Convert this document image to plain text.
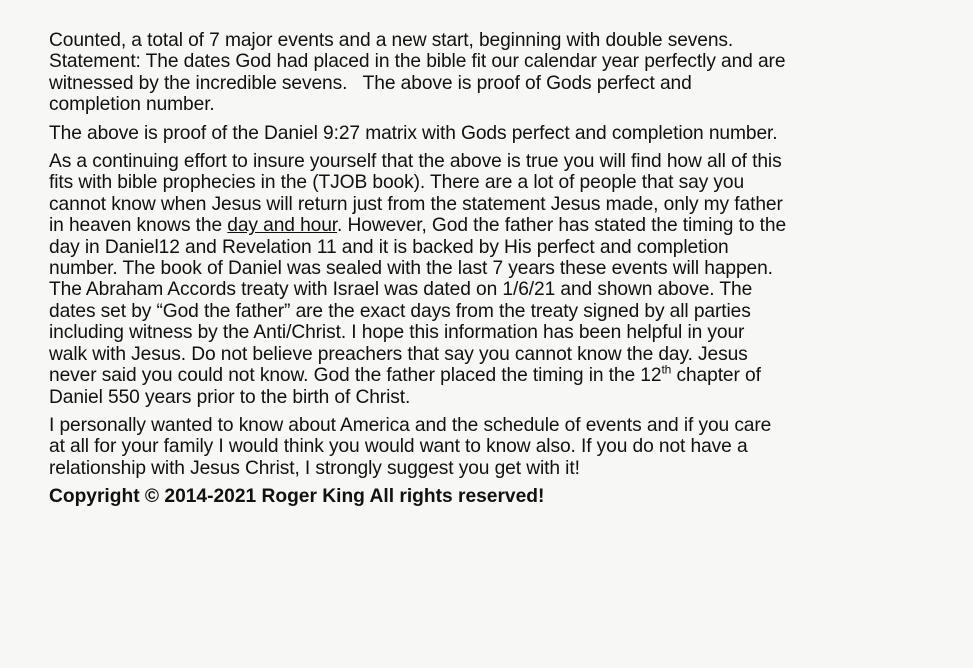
Counted, a total of 7 major events and a new start, beginning with double sevens.
Statement: The dates God had placed in the bible fit our calendar year perfectly and are
witnessed by the incredible sevens.   The above is proof of Gods perfect and
completion number.

The above is proof of the Daniel 9:27 matrix with Gods perfect and completion number.

As a continuing effort to insure yourself that the above is true you will find how all of this
fits with bible prophecies in the (TJOB book). There are a lot of people that say you
cannot know when Jesus will return just from the statement Jesus made, only my father
in heaven knows the day and hour. However, God the father has stated the timing to the
day in Daniel12 and Revelation 11 and it is backed by His perfect and completion
number. The book of Daniel was sealed with the last 7 years these events will happen.
The Abraham Accords treaty with Israel was dated on 1/6/21 and shown above. The
dates set by “God the father” are the exact days from the treaty signed by all parties
including witness by the Anti/Christ. I hope this information has been helpful in your
walk with Jesus. Do not believe preachers that say you cannot know the day. Jesus
never said you could not know. God the father placed the timing in the 12th chapter of
Daniel 550 years prior to the birth of Christ.

I personally wanted to know about America and the schedule of events and if you care
at all for your family I would think you would want to know also. If you do not have a
relationship with Jesus Christ, I strongly suggest you get with it!

Copyright © 2014-2021 Roger King All rights reserved!
